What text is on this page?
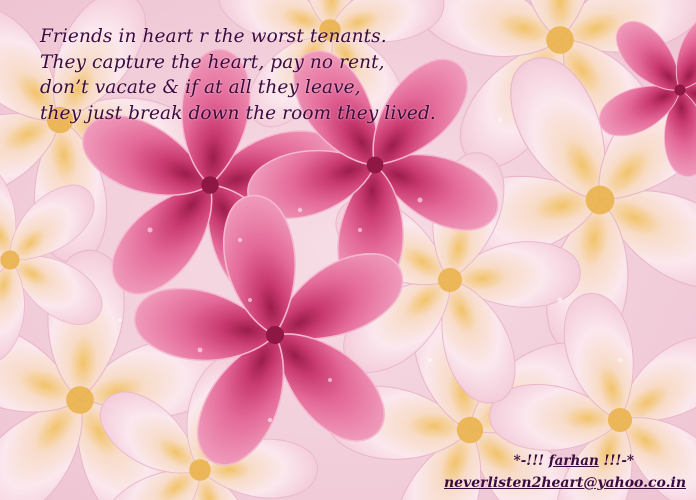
Friends in heart r the worst tenants.
They capture the heart, pay no rent,
don’t vacate & if at all they leave,
they just break down the room they lived.
*-!!! farhan !!!-*
neverlisten2heart@yahoo.co.in
